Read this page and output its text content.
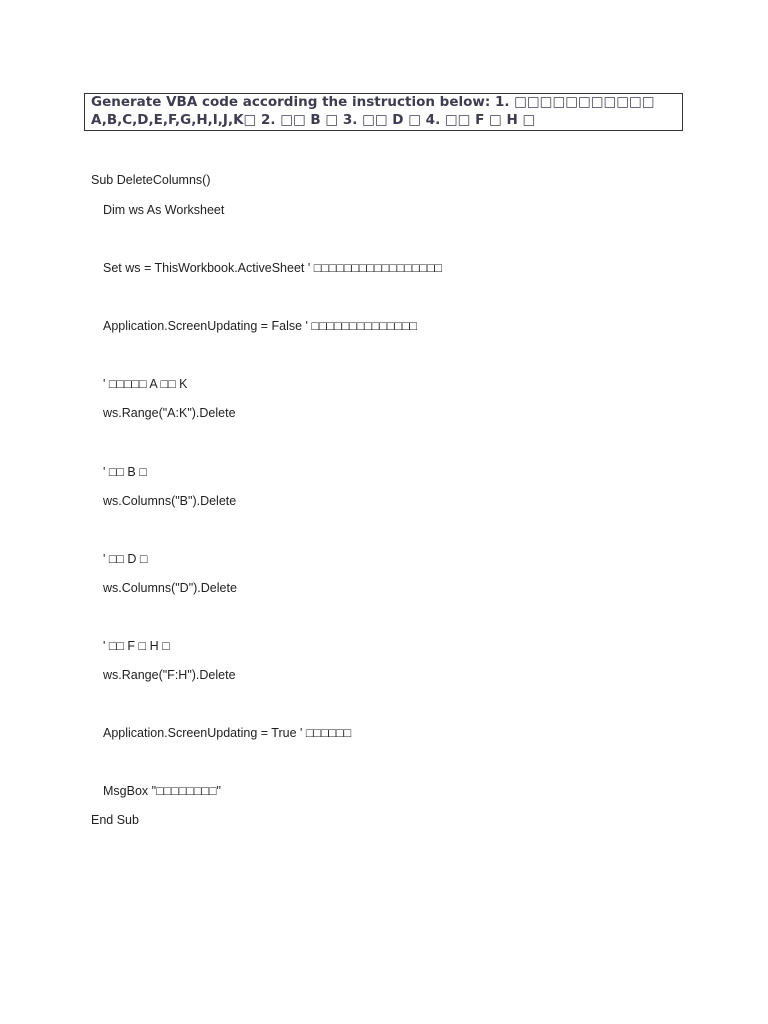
Generate VBA code according the instruction below: 1. □□□□□□□□□□□
A,B,C,D,E,F,G,H,I,J,K□ 2. □□ B □ 3. □□ D □ 4. □□ F □ H □
Sub DeleteColumns()
Dim ws As Worksheet
Set ws = ThisWorkbook.ActiveSheet ' □□□□□□□□□□□□□□□□□
Application.ScreenUpdating = False ' □□□□□□□□□□□□□□
' □□□□□ A □□ K
ws.Range("A:K").Delete
' □□ B □
ws.Columns("B").Delete
' □□ D □
ws.Columns("D").Delete
' □□ F □ H □
ws.Range("F:H").Delete
Application.ScreenUpdating = True ' □□□□□□
MsgBox "□□□□□□□□"
End Sub
